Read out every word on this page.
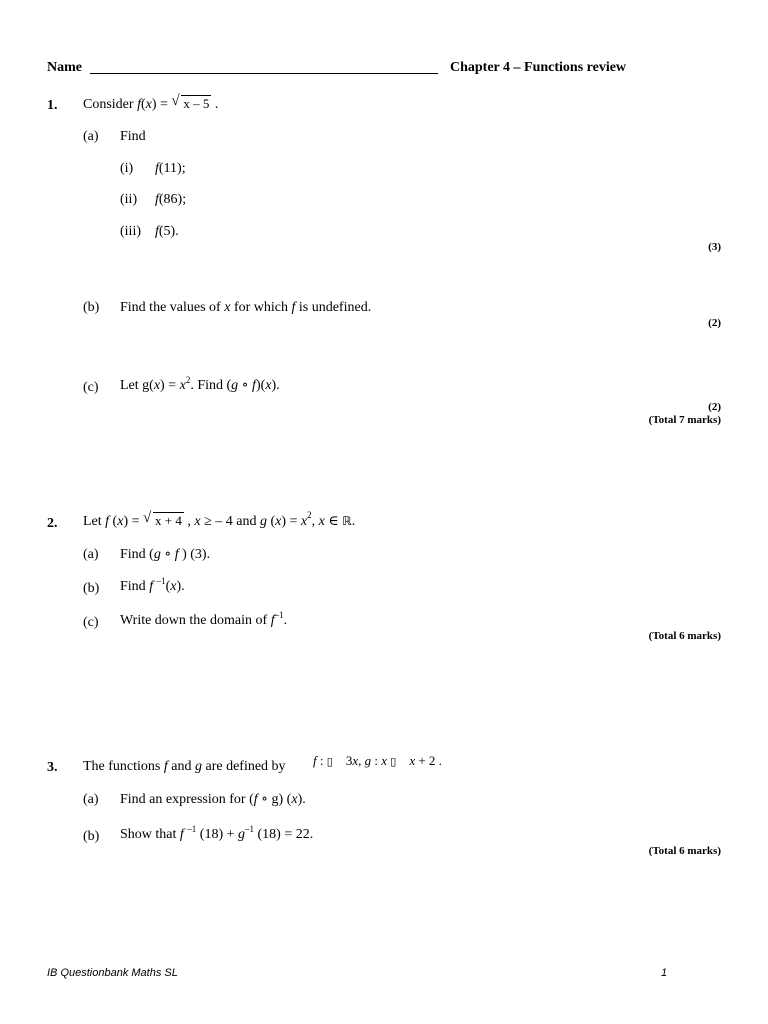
Name	Chapter 4 – Functions review
1. Consider f(x) = √ x – 5 .
(a) Find
(i) f(11);
(ii) f(86);
(iii) f(5).
(3)
(b) Find the values of x for which f is undefined.
(2)
(c) Let $g(x) = x^2$. Find (g ∘ f)(x).
(2)
(Total 7 marks)
2. Let f (x) = √ x + 4 , x ≥ – 4 and g $(x) = x^2$, x ∈ ℝ.
(a) Find (g ∘ f ) (3).
(b) Find f $^{-1}$(x).
(c) Write down the domain of $f^{-1}$.
(Total 6 marks)
3. The functions f and g are defined by f : ▯    3x, g : x ▯ x + 2 .
(a) Find an expression for (f ∘ g) (x).
(b) Show that f $^{-1}$ $(18) + g^{-1}$ (18) = 22.
(Total 6 marks)
IB Questionbank Maths SL	1
